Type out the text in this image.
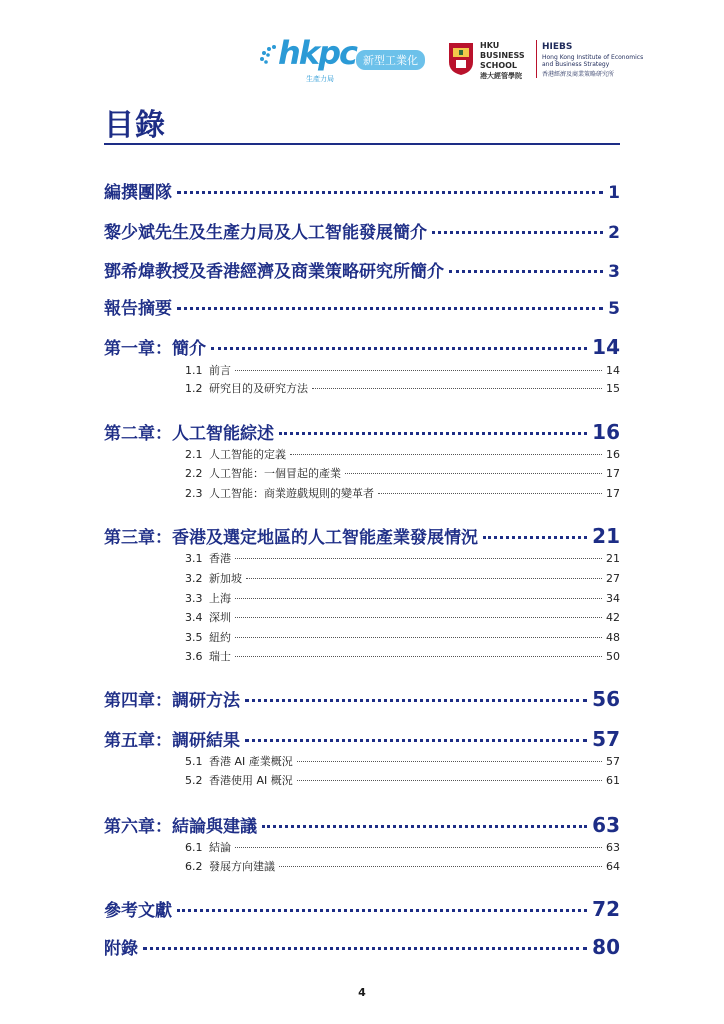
hkpc
生產力局
新型工業化
HKU
BUSINESS
SCHOOL
港大經管學院
HIEBS
Hong Kong Institute of Economics
and Business Strategy
香港經濟及商業策略研究所
目錄
編撰團隊	1
黎少斌先生及生產力局及人工智能發展簡介	2
鄧希煒教授及香港經濟及商業策略研究所簡介	3
報告摘要	5
第一章：簡介	14
1.1 前言	14
1.2 研究目的及研究方法	15
第二章：人工智能綜述	16
2.1 人工智能的定義	16
2.2 人工智能：一個冒起的產業	17
2.3 人工智能：商業遊戲規則的變革者	17
第三章：香港及選定地區的人工智能產業發展情況	21
3.1 香港	21
3.2 新加坡	27
3.3 上海	34
3.4 深圳	42
3.5 紐約	48
3.6 瑞士	50
第四章：調研方法	56
第五章：調研結果	57
5.1 香港 AI 產業概況	57
5.2 香港使用 AI 概況	61
第六章：結論與建議	63
6.1 結論	63
6.2 發展方向建議	64
參考文獻	72
附錄	80
4
